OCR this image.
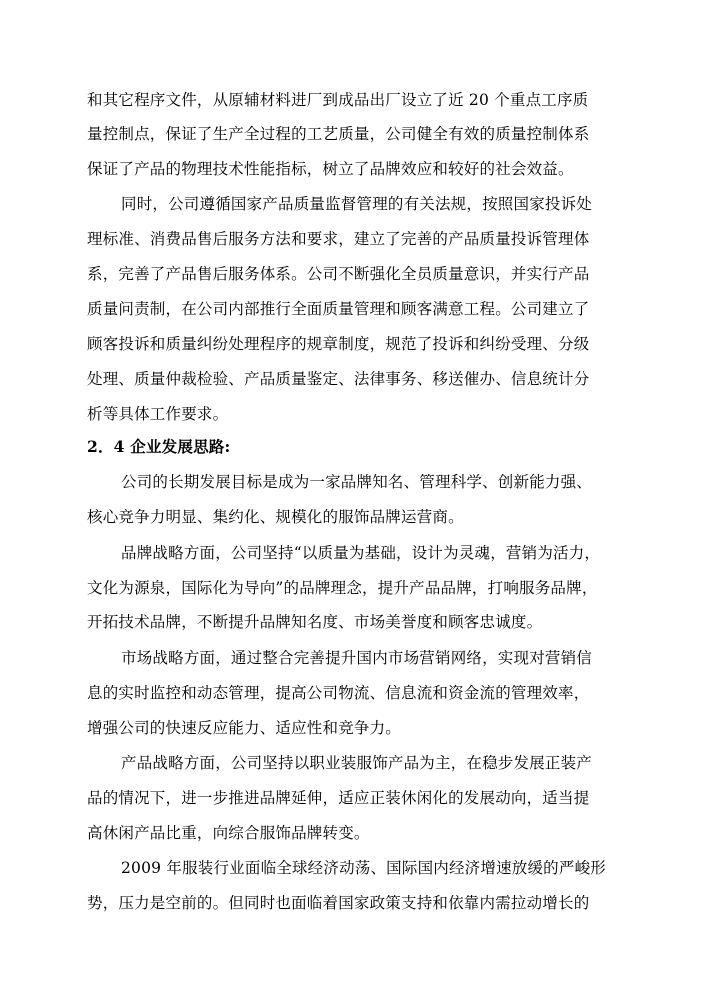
和其它程序文件，从原辅材料进厂到成品出厂设立了近 20 个重点工序质
量控制点，保证了生产全过程的工艺质量，公司健全有效的质量控制体系
保证了产品的物理技术性能指标，树立了品牌效应和较好的社会效益。
同时，公司遵循国家产品质量监督管理的有关法规，按照国家投诉处
理标准、消费品售后服务方法和要求，建立了完善的产品质量投诉管理体
系，完善了产品售后服务体系。公司不断强化全员质量意识，并实行产品
质量问责制，在公司内部推行全面质量管理和顾客满意工程。公司建立了
顾客投诉和质量纠纷处理程序的规章制度，规范了投诉和纠纷受理、分级
处理、质量仲裁检验、产品质量鉴定、法律事务、移送催办、信息统计分
析等具体工作要求。
2．4 企业发展思路:
公司的长期发展目标是成为一家品牌知名、管理科学、创新能力强、
核心竞争力明显、集约化、规模化的服饰品牌运营商。
品牌战略方面，公司坚持“以质量为基础，设计为灵魂，营销为活力，
文化为源泉，国际化为导向”的品牌理念，提升产品品牌，打响服务品牌，
开拓技术品牌，不断提升品牌知名度、市场美誉度和顾客忠诚度。
市场战略方面，通过整合完善提升国内市场营销网络，实现对营销信
息的实时监控和动态管理，提高公司物流、信息流和资金流的管理效率，
增强公司的快速反应能力、适应性和竞争力。
产品战略方面，公司坚持以职业装服饰产品为主，在稳步发展正装产
品的情况下，进一步推进品牌延伸，适应正装休闲化的发展动向，适当提
高休闲产品比重，向综合服饰品牌转变。
2009 年服装行业面临全球经济动荡、国际国内经济增速放缓的严峻形
势，压力是空前的。但同时也面临着国家政策支持和依靠内需拉动增长的
